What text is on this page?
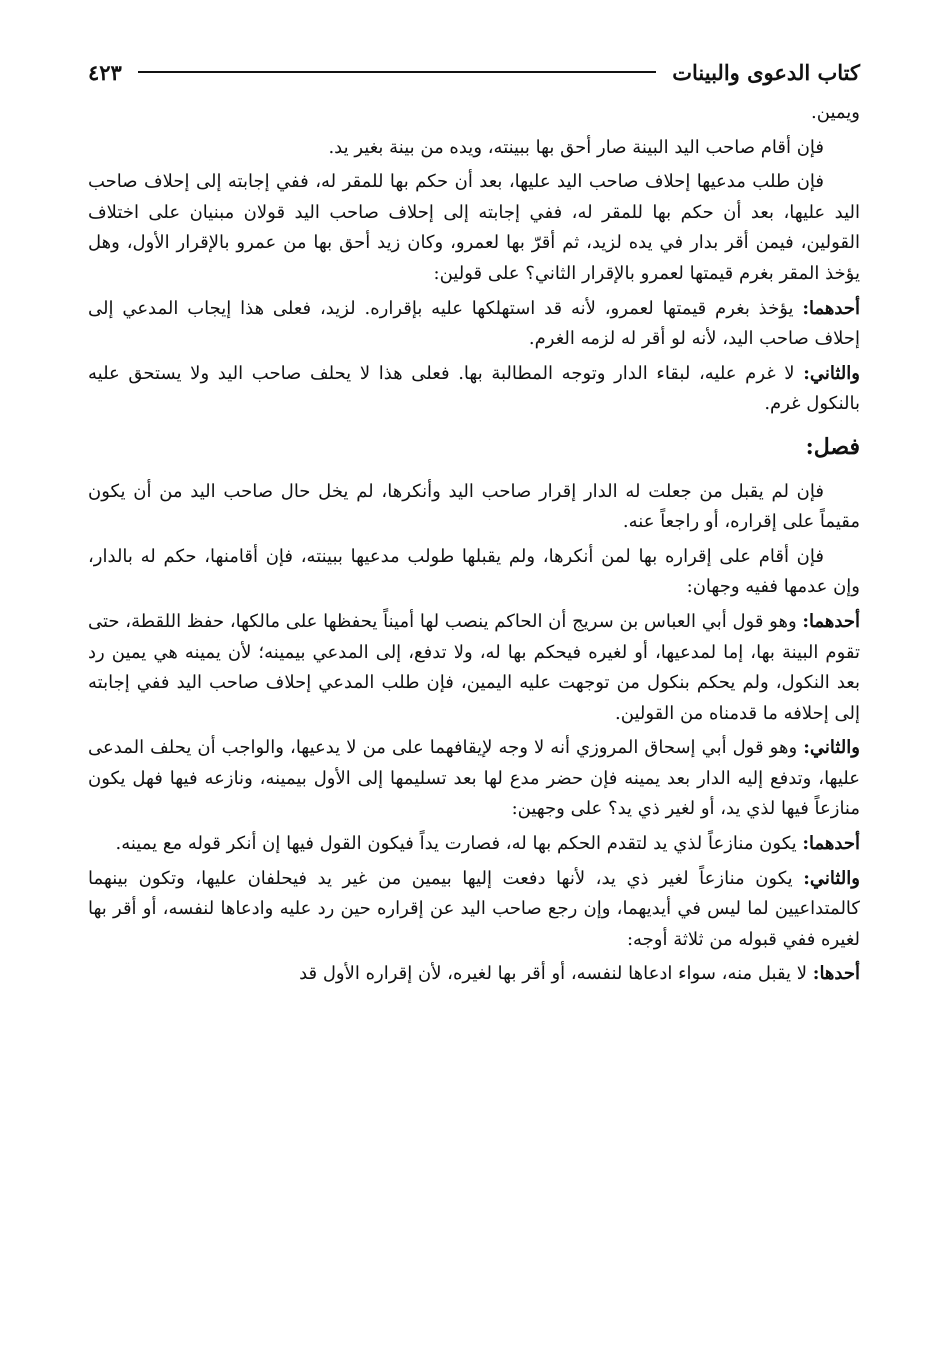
كتاب الدعوى والبينات
٤٢٣

ويمين.

فإن أقام صاحب اليد البينة صار أحق بها ببينته، ويده من بينة بغير يد.

فإن طلب مدعيها إحلاف صاحب اليد عليها، بعد أن حكم بها للمقر له، ففي إجابته إلى إحلاف صاحب اليد عليها، بعد أن حكم بها للمقر له، ففي إجابته إلى إحلاف صاحب اليد قولان مبنيان على اختلاف القولين، فيمن أقر بدار في يده لزيد، ثم أقرّ بها لعمرو، وكان زيد أحق بها من عمرو بالإقرار الأول، وهل يؤخذ المقر بغرم قيمتها لعمرو بالإقرار الثاني؟ على قولين:

أحدهما: يؤخذ بغرم قيمتها لعمرو، لأنه قد استهلكها عليه بإقراره. لزيد، فعلى هذا إيجاب المدعي إلى إحلاف صاحب اليد، لأنه لو أقر له لزمه الغرم.

والثاني: لا غرم عليه، لبقاء الدار وتوجه المطالبة بها. فعلى هذا لا يحلف صاحب اليد ولا يستحق عليه بالنكول غرم.

فصل:

فإن لم يقبل من جعلت له الدار إقرار صاحب اليد وأنكرها، لم يخل حال صاحب اليد من أن يكون مقيماً على إقراره، أو راجعاً عنه.

فإن أقام على إقراره بها لمن أنكرها، ولم يقبلها طولب مدعيها ببينته، فإن أقامنها، حكم له بالدار، وإن عدمها ففيه وجهان:

أحدهما: وهو قول أبي العباس بن سريج أن الحاكم ينصب لها أميناً يحفظها على مالكها، حفظ اللقطة، حتى تقوم البينة بها، إما لمدعيها، أو لغيره فيحكم بها له، ولا تدفع، إلى المدعي بيمينه؛ لأن يمينه هي يمين رد بعد النكول، ولم يحكم بنكول من توجهت عليه اليمين، فإن طلب المدعي إحلاف صاحب اليد ففي إجابته إلى إحلافه ما قدمناه من القولين.

والثاني: وهو قول أبي إسحاق المروزي أنه لا وجه لإيقافهما على من لا يدعيها، والواجب أن يحلف المدعى عليها، وتدفع إليه الدار بعد يمينه فإن حضر مدع لها بعد تسليمها إلى الأول بيمينه، ونازعه فيها فهل يكون منازعاً فيها لذي يد، أو لغير ذي يد؟ على وجهين:

أحدهما: يكون منازعاً لذي يد لتقدم الحكم بها له، فصارت يداً فيكون القول فيها إن أنكر قوله مع يمينه.

والثاني: يكون منازعاً لغير ذي يد، لأنها دفعت إليها بيمين من غير يد فيحلفان عليها، وتكون بينهما كالمتداعيين لما ليس في أيديهما، وإن رجع صاحب اليد عن إقراره حين رد عليه وادعاها لنفسه، أو أقر بها لغيره ففي قبوله من ثلاثة أوجه:

أحدها: لا يقبل منه، سواء ادعاها لنفسه، أو أقر بها لغيره، لأن إقراره الأول قد
